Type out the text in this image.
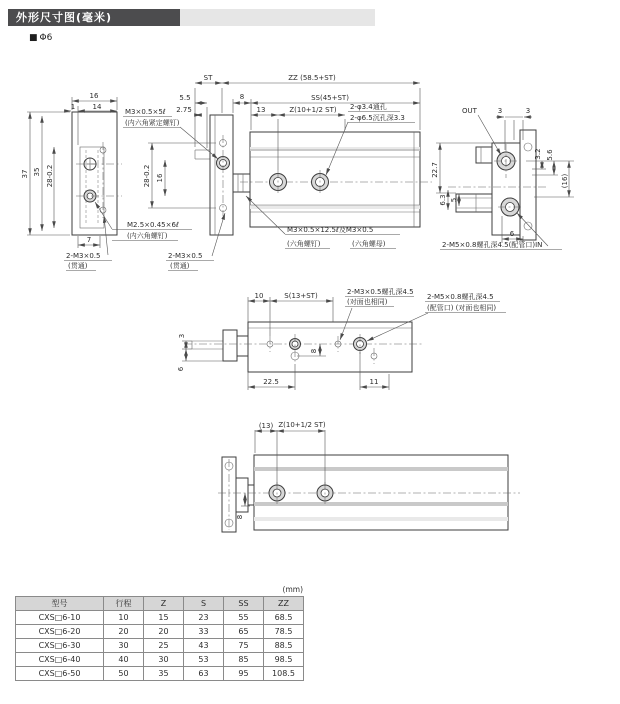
外形尺寸图(毫米)
■ Φ6
16
1 14
37 35 28-0.2
7
M2.5×0.45×6ℓ
(内六角螺钉)
2-M3×0.5
(贯通)
ST	ZZ (58.5+ST)
5.5	8	SS(45+ST)
2.75	13	Z(10+1/2 ST)
M3×0.5×5ℓ
(内六角紧定螺钉)
2-φ3.4通孔
2-φ6.5沉孔深3.3
28-0.2 16
M3×0.5×12.5ℓ及M3×0.5
(六角螺钉)	(六角螺母)
2-M3×0.5
(贯通)
OUT	3	3
3.2 5.6
(16)
22.7
6.3 5
6
2-M5×0.8螺孔深4.5(配管口)IN
10	S(13+ST)	2-M3×0.5螺孔深4.5
(对面也相同)
2-M5×0.8螺孔深4.5
(配管口) (对面也相同)
3
6
8
22.5	11
(13) Z(10+1/2 ST)
8
(mm)
型号	行程	Z	S	SS	ZZ
CXS□6-10	10	15	23	55	68.5
CXS□6-20	20	20	33	65	78.5
CXS□6-30	30	25	43	75	88.5
CXS□6-40	40	30	53	85	98.5
CXS□6-50	50	35	63	95	108.5
